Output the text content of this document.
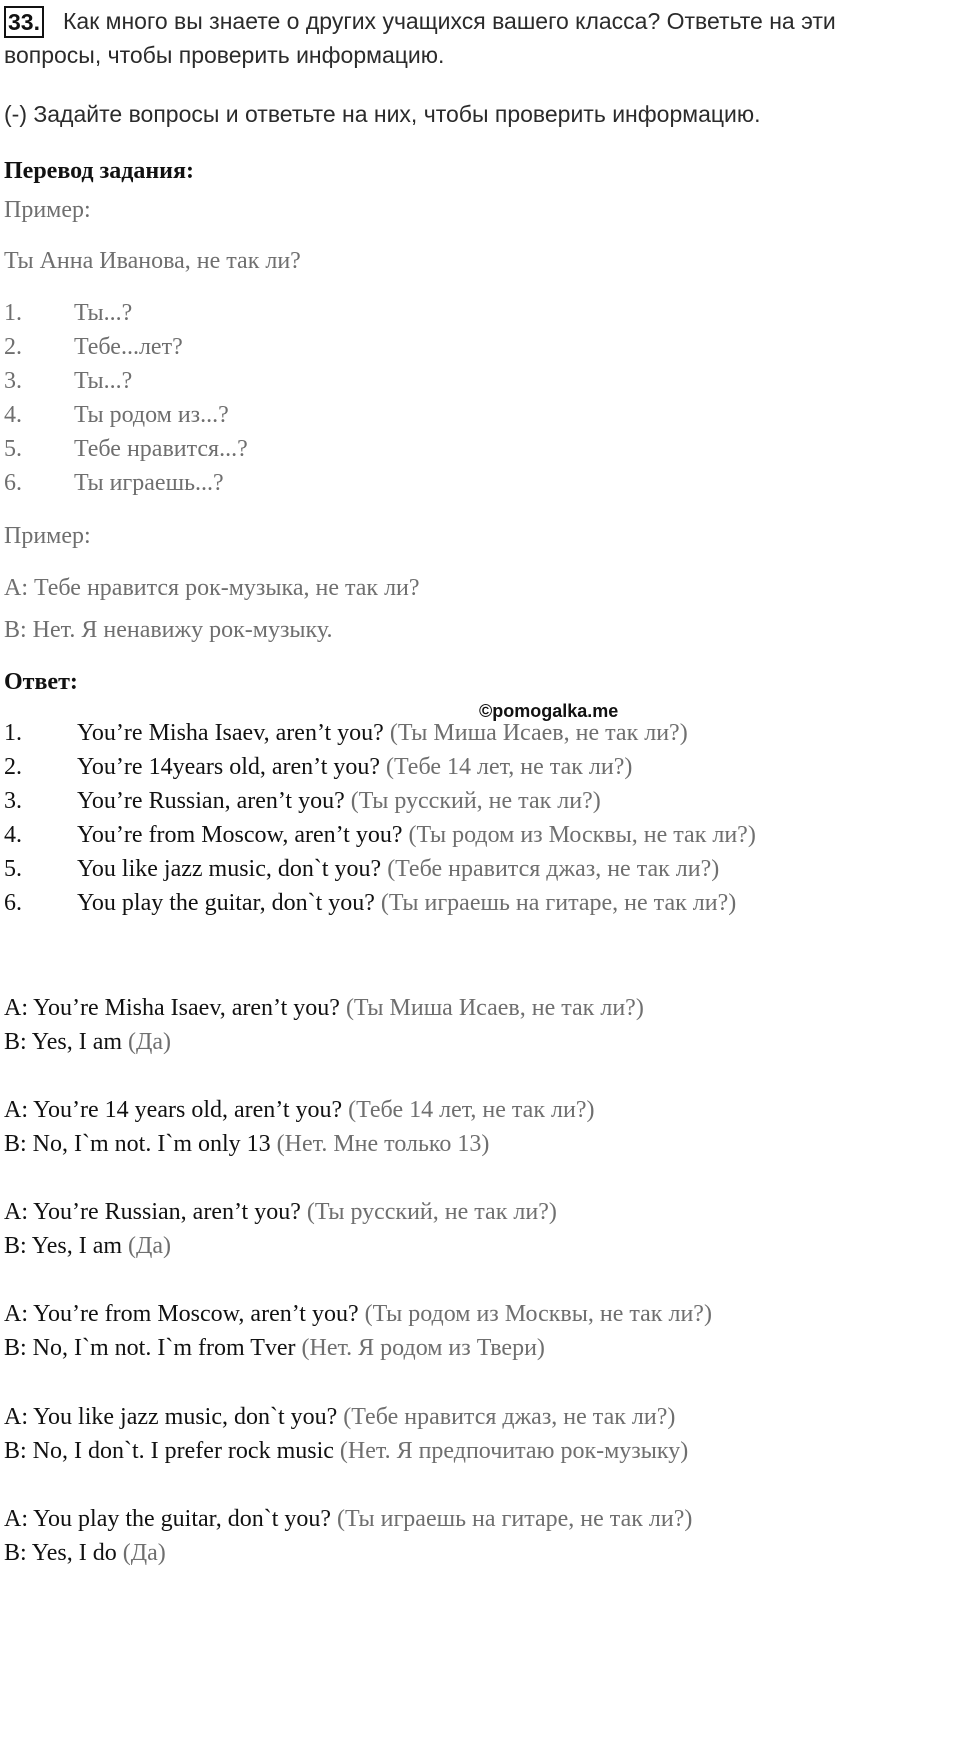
33. Как много вы знаете о других учащихся вашего класса? Ответьте на эти
вопросы, чтобы проверить информацию.
(-) Задайте вопросы и ответьте на них, чтобы проверить информацию.
Перевод задания:
Пример:
Ты Анна Иванова, не так ли?
1. Ты...?
2. Тебе...лет?
3. Ты...?
4. Ты родом из...?
5. Тебе нравится...?
6. Ты играешь...?
Пример:
A: Тебе нравится рок-музыка, не так ли?
B: Нет. Я ненавижу рок-музыку.
Ответ:
©pomogalka.me
1. You’re Misha Isaev, aren’t you? (Ты Миша Исаев, не так ли?)
2. You’re 14years old, aren’t you? (Тебе 14 лет, не так ли?)
3. You’re Russian, aren’t you? (Ты русский, не так ли?)
4. You’re from Moscow, aren’t you? (Ты родом из Москвы, не так ли?)
5. You like jazz music, don`t you? (Тебе нравится джаз, не так ли?)
6. You play the guitar, don`t you? (Ты играешь на гитаре, не так ли?)
A: You’re Misha Isaev, aren’t you? (Ты Миша Исаев, не так ли?)
B: Yes, I am (Да)
A: You’re 14 years old, aren’t you? (Тебе 14 лет, не так ли?)
B: No, I`m not. I`m only 13 (Нет. Мне только 13)
A: You’re Russian, aren’t you? (Ты русский, не так ли?)
B: Yes, I am (Да)
A: You’re from Moscow, aren’t you? (Ты родом из Москвы, не так ли?)
B: No, I`m not. I`m from Tver (Нет. Я родом из Твери)
A: You like jazz music, don`t you? (Тебе нравится джаз, не так ли?)
B: No, I don`t. I prefer rock music (Нет. Я предпочитаю рок-музыку)
A: You play the guitar, don`t you? (Ты играешь на гитаре, не так ли?)
B: Yes, I do (Да)
